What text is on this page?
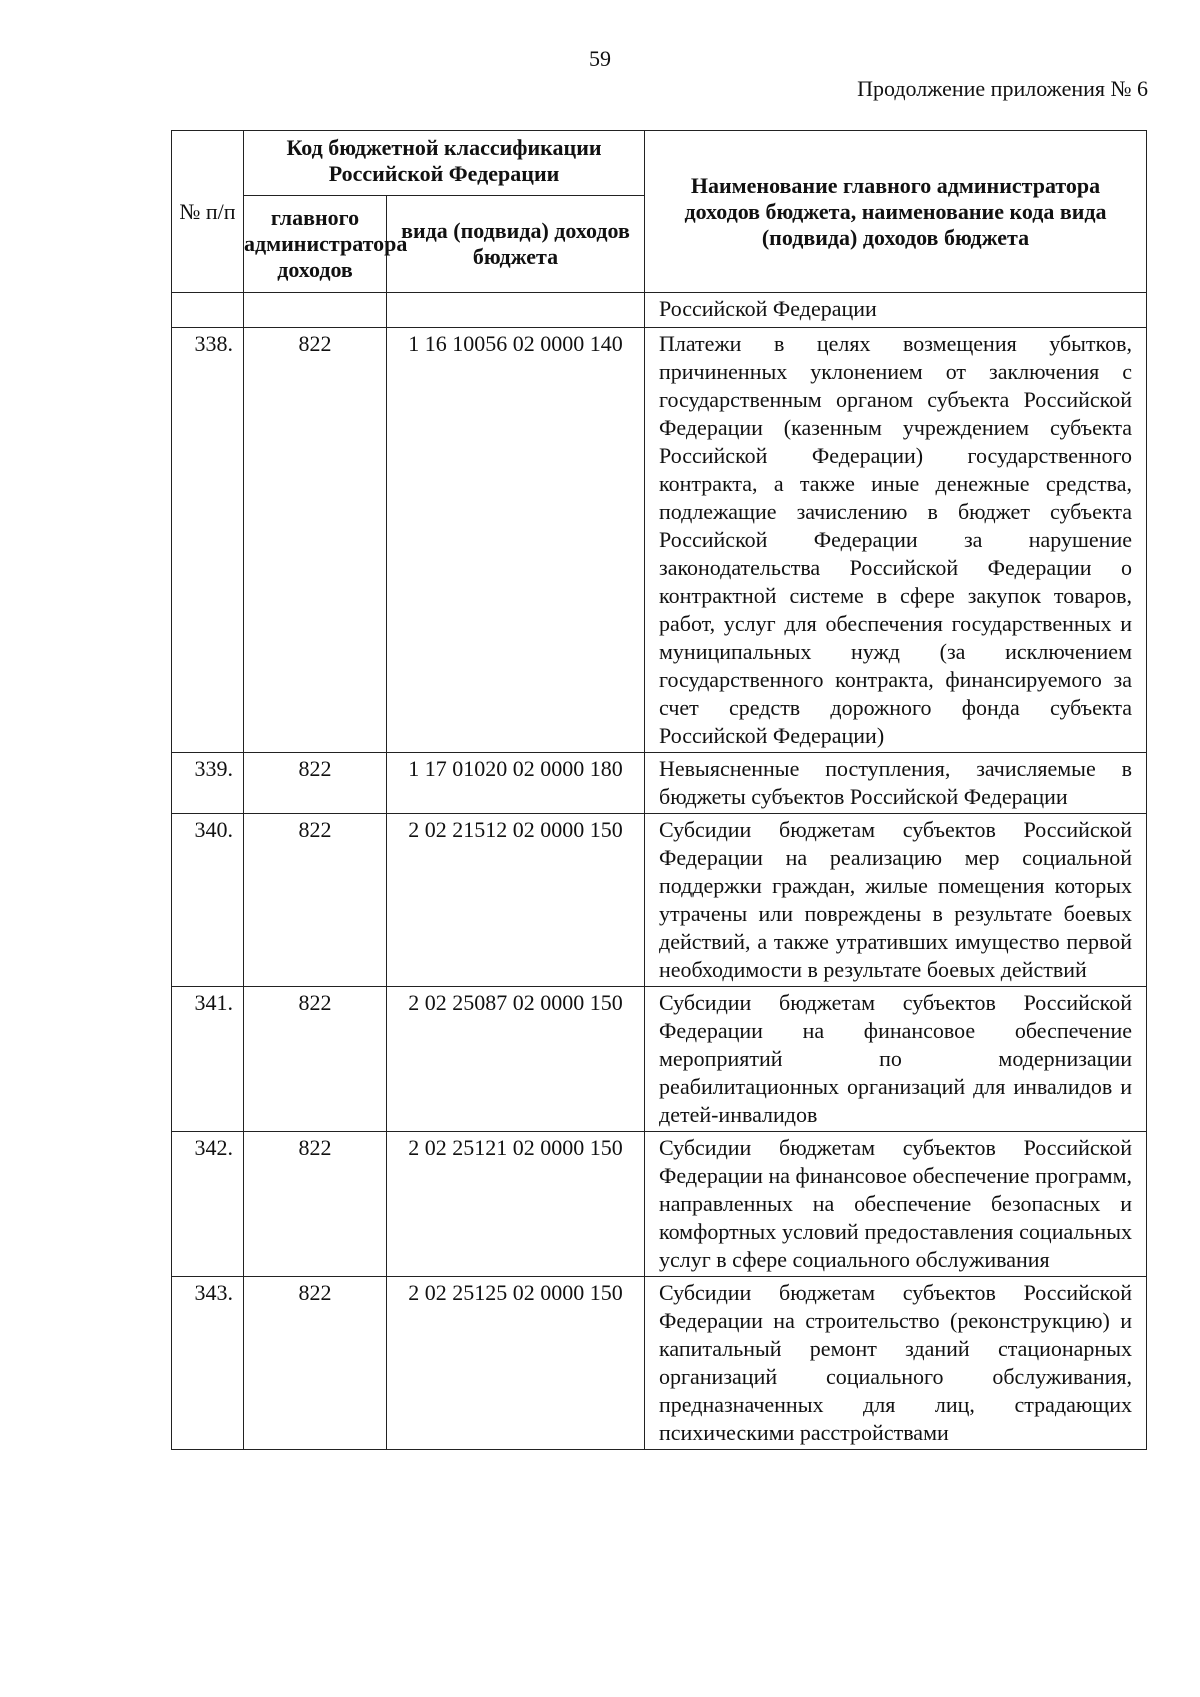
59
Продолжение приложения № 6
№ п/п	Код бюджетной классификации Российской Федерации		Наименование главного администратора доходов бюджета, наименование кода вида (подвида) доходов бюджета
	главного администратора доходов	вида (подвида) доходов бюджета	
			Российской Федерации
338.	822	1 16 10056 02 0000 140	Платежи в целях возмещения убытков, причиненных уклонением от заключения с государственным органом субъекта Российской Федерации (казенным учреждением субъекта Российской Федерации) государственного контракта, а также иные денежные средства, подлежащие зачислению в бюджет субъекта Российской Федерации за нарушение законодательства Российской Федерации о контрактной системе в сфере закупок товаров, работ, услуг для обеспечения государственных и муниципальных нужд (за исключением государственного контракта, финансируемого за счет средств дорожного фонда субъекта Российской Федерации)
339.	822	1 17 01020 02 0000 180	Невыясненные поступления, зачисляемые в бюджеты субъектов Российской Федерации
340.	822	2 02 21512 02 0000 150	Субсидии бюджетам субъектов Российской Федерации на реализацию мер социальной поддержки граждан, жилые помещения которых утрачены или повреждены в результате боевых действий, а также утративших имущество первой необходимости в результате боевых действий
341.	822	2 02 25087 02 0000 150	Субсидии бюджетам субъектов Российской Федерации на финансовое обеспечение мероприятий по модернизации реабилитационных организаций для инвалидов и детей-инвалидов
342.	822	2 02 25121 02 0000 150	Субсидии бюджетам субъектов Российской Федерации на финансовое обеспечение программ, направленных на обеспечение безопасных и комфортных условий предоставления социальных услуг в сфере социального обслуживания
343.	822	2 02 25125 02 0000 150	Субсидии бюджетам субъектов Российской Федерации на строительство (реконструкцию) и капитальный ремонт зданий стационарных организаций социального обслуживания, предназначенных для лиц, страдающих психическими расстройствами
